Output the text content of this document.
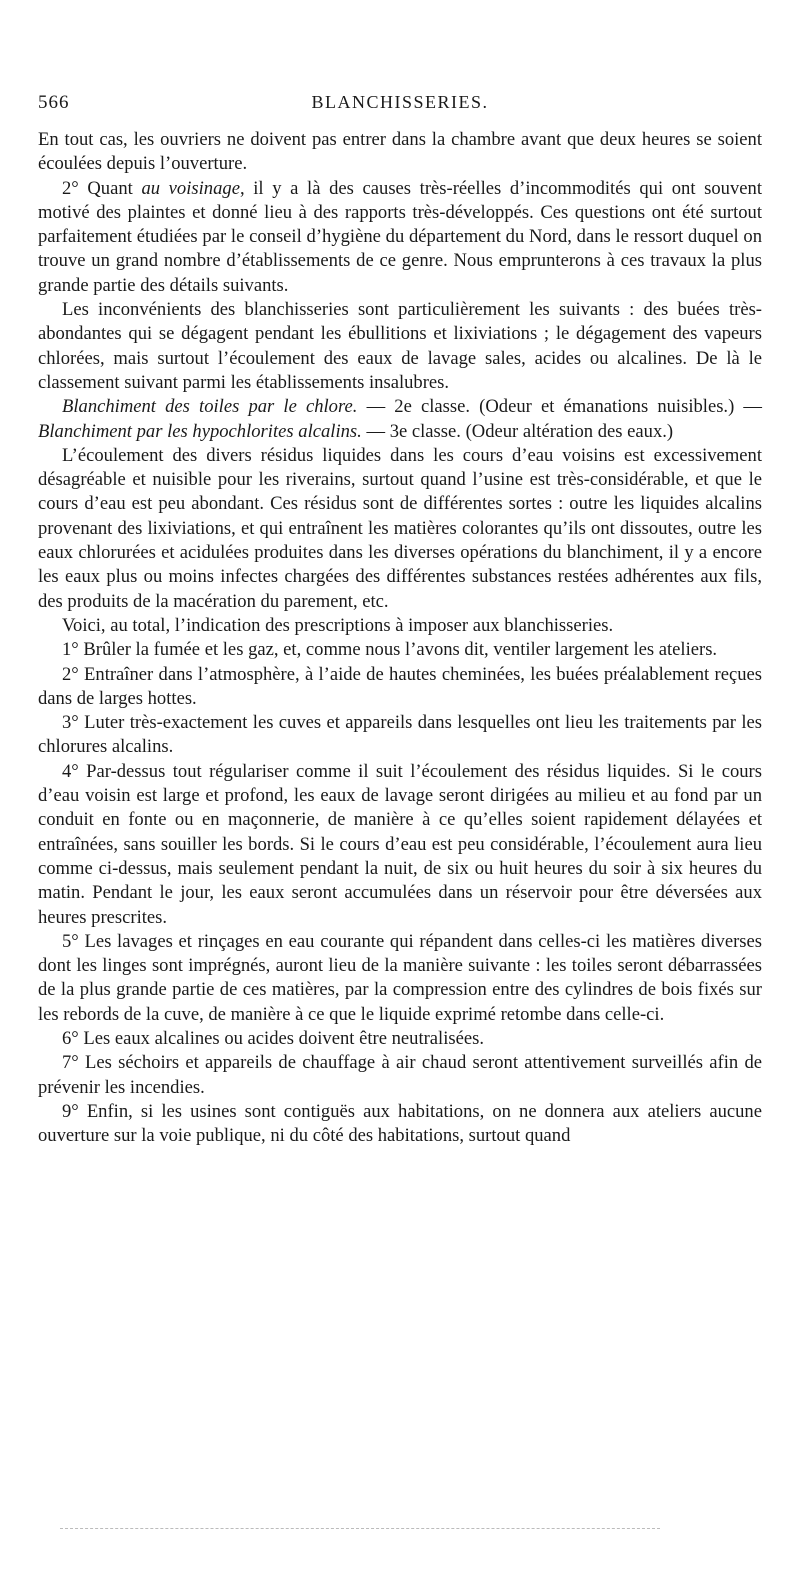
566	BLANCHISSERIES.

En tout cas, les ouvriers ne doivent pas entrer dans la chambre avant que deux heures se soient écoulées depuis l’ouverture.

2° Quant au voisinage, il y a là des causes très-réelles d’incommodités qui ont souvent motivé des plaintes et donné lieu à des rapports très-développés. Ces questions ont été surtout parfaitement étudiées par le conseil d’hygiène du département du Nord, dans le ressort duquel on trouve un grand nombre d’établissements de ce genre. Nous emprunterons à ces travaux la plus grande partie des détails suivants.

Les inconvénients des blanchisseries sont particulièrement les suivants : des buées très-abondantes qui se dégagent pendant les ébullitions et lixiviations ; le dégagement des vapeurs chlorées, mais surtout l’écoulement des eaux de lavage sales, acides ou alcalines. De là le classement suivant parmi les établissements insalubres.

Blanchiment des toiles par le chlore. — 2e classe. (Odeur et émanations nuisibles.) — Blanchiment par les hypochlorites alcalins. — 3e classe. (Odeur altération des eaux.)

L’écoulement des divers résidus liquides dans les cours d’eau voisins est excessivement désagréable et nuisible pour les riverains, surtout quand l’usine est très-considérable, et que le cours d’eau est peu abondant. Ces résidus sont de différentes sortes : outre les liquides alcalins provenant des lixiviations, et qui entraînent les matières colorantes qu’ils ont dissoutes, outre les eaux chlorurées et acidulées produites dans les diverses opérations du blanchiment, il y a encore les eaux plus ou moins infectes chargées des différentes substances restées adhérentes aux fils, des produits de la macération du parement, etc.

Voici, au total, l’indication des prescriptions à imposer aux blanchisseries.

1° Brûler la fumée et les gaz, et, comme nous l’avons dit, ventiler largement les ateliers.

2° Entraîner dans l’atmosphère, à l’aide de hautes cheminées, les buées préalablement reçues dans de larges hottes.

3° Luter très-exactement les cuves et appareils dans lesquelles ont lieu les traitements par les chlorures alcalins.

4° Par-dessus tout régulariser comme il suit l’écoulement des résidus liquides. Si le cours d’eau voisin est large et profond, les eaux de lavage seront dirigées au milieu et au fond par un conduit en fonte ou en maçonnerie, de manière à ce qu’elles soient rapidement délayées et entraînées, sans souiller les bords. Si le cours d’eau est peu considérable, l’écoulement aura lieu comme ci-dessus, mais seulement pendant la nuit, de six ou huit heures du soir à six heures du matin. Pendant le jour, les eaux seront accumulées dans un réservoir pour être déversées aux heures prescrites.

5° Les lavages et rinçages en eau courante qui répandent dans celles-ci les matières diverses dont les linges sont imprégnés, auront lieu de la manière suivante : les toiles seront débarrassées de la plus grande partie de ces matières, par la compression entre des cylindres de bois fixés sur les rebords de la cuve, de manière à ce que le liquide exprimé retombe dans celle-ci.

6° Les eaux alcalines ou acides doivent être neutralisées.

7° Les séchoirs et appareils de chauffage à air chaud seront attentivement surveillés afin de prévenir les incendies.

9° Enfin, si les usines sont contiguës aux habitations, on ne donnera aux ateliers aucune ouverture sur la voie publique, ni du côté des habitations, surtout quand
